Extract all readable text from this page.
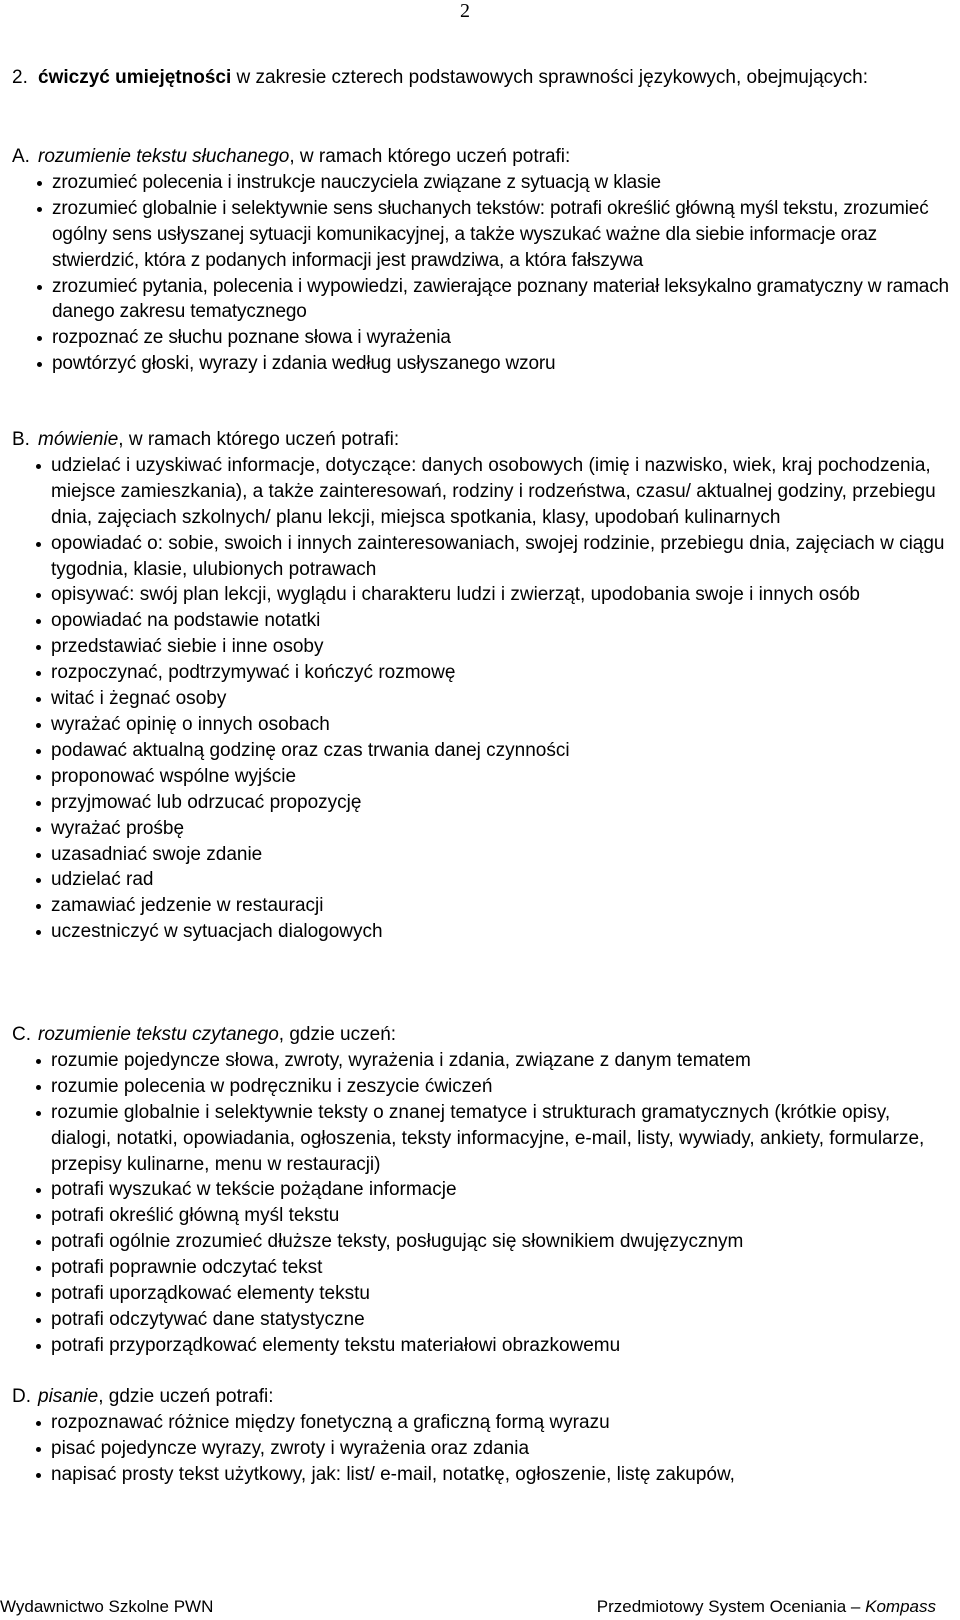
2
2. ćwiczyć umiejętności w zakresie czterech podstawowych sprawności językowych, obejmujących:
A. rozumienie tekstu słuchanego, w ramach którego uczeń potrafi:
zrozumieć polecenia i instrukcje nauczyciela związane z sytuacją w klasie
zrozumieć globalnie i selektywnie sens słuchanych tekstów: potrafi określić główną myśl tekstu, zrozumieć ogólny sens usłyszanej sytuacji komunikacyjnej, a także wyszukać ważne dla siebie informacje oraz stwierdzić, która z podanych informacji jest prawdziwa, a która fałszywa
zrozumieć pytania, polecenia i wypowiedzi, zawierające poznany materiał leksykalno gramatyczny w ramach danego zakresu tematycznego
rozpoznać ze słuchu poznane słowa i wyrażenia
powtórzyć głoski, wyrazy i zdania według usłyszanego wzoru
B. mówienie, w ramach którego uczeń potrafi:
udzielać i uzyskiwać informacje, dotyczące: danych osobowych (imię i nazwisko, wiek, kraj pochodzenia, miejsce zamieszkania), a także zainteresowań, rodziny i rodzeństwa, czasu/ aktualnej godziny, przebiegu dnia, zajęciach szkolnych/ planu lekcji, miejsca spotkania, klasy, upodobań kulinarnych
opowiadać o: sobie, swoich i innych zainteresowaniach, swojej rodzinie, przebiegu dnia, zajęciach w ciągu tygodnia, klasie, ulubionych potrawach
opisywać: swój plan lekcji, wyglądu i charakteru ludzi i zwierząt, upodobania swoje i innych osób
opowiadać na podstawie notatki
przedstawiać siebie i inne osoby
rozpoczynać, podtrzymywać i kończyć rozmowę
witać i żegnać osoby
wyrażać opinię o innych osobach
podawać aktualną godzinę oraz czas trwania danej czynności
proponować wspólne wyjście
przyjmować lub odrzucać propozycję
wyrażać prośbę
uzasadniać swoje zdanie
udzielać rad
zamawiać jedzenie w restauracji
uczestniczyć w sytuacjach dialogowych
C. rozumienie tekstu czytanego, gdzie uczeń:
rozumie pojedyncze słowa, zwroty, wyrażenia i zdania, związane z danym tematem
rozumie polecenia w podręczniku i zeszycie ćwiczeń
rozumie globalnie i selektywnie teksty o znanej tematyce i strukturach gramatycznych (krótkie opisy, dialogi, notatki, opowiadania, ogłoszenia, teksty informacyjne, e-mail, listy, wywiady, ankiety, formularze, przepisy kulinarne, menu w restauracji)
potrafi wyszukać w tekście pożądane informacje
potrafi określić główną myśl tekstu
potrafi ogólnie zrozumieć dłuższe teksty, posługując się słownikiem dwujęzycznym
potrafi poprawnie odczytać tekst
potrafi uporządkować elementy tekstu
potrafi odczytywać dane statystyczne
potrafi przyporządkować elementy tekstu materiałowi obrazkowemu
D. pisanie, gdzie uczeń potrafi:
rozpoznawać różnice między fonetyczną a graficzną formą wyrazu
pisać pojedyncze wyrazy, zwroty i wyrażenia oraz zdania
napisać prosty tekst użytkowy, jak: list/ e-mail, notatkę, ogłoszenie, listę zakupów,
Wydawnictwo Szkolne PWN	Przedmiotowy System Oceniania – Kompass
